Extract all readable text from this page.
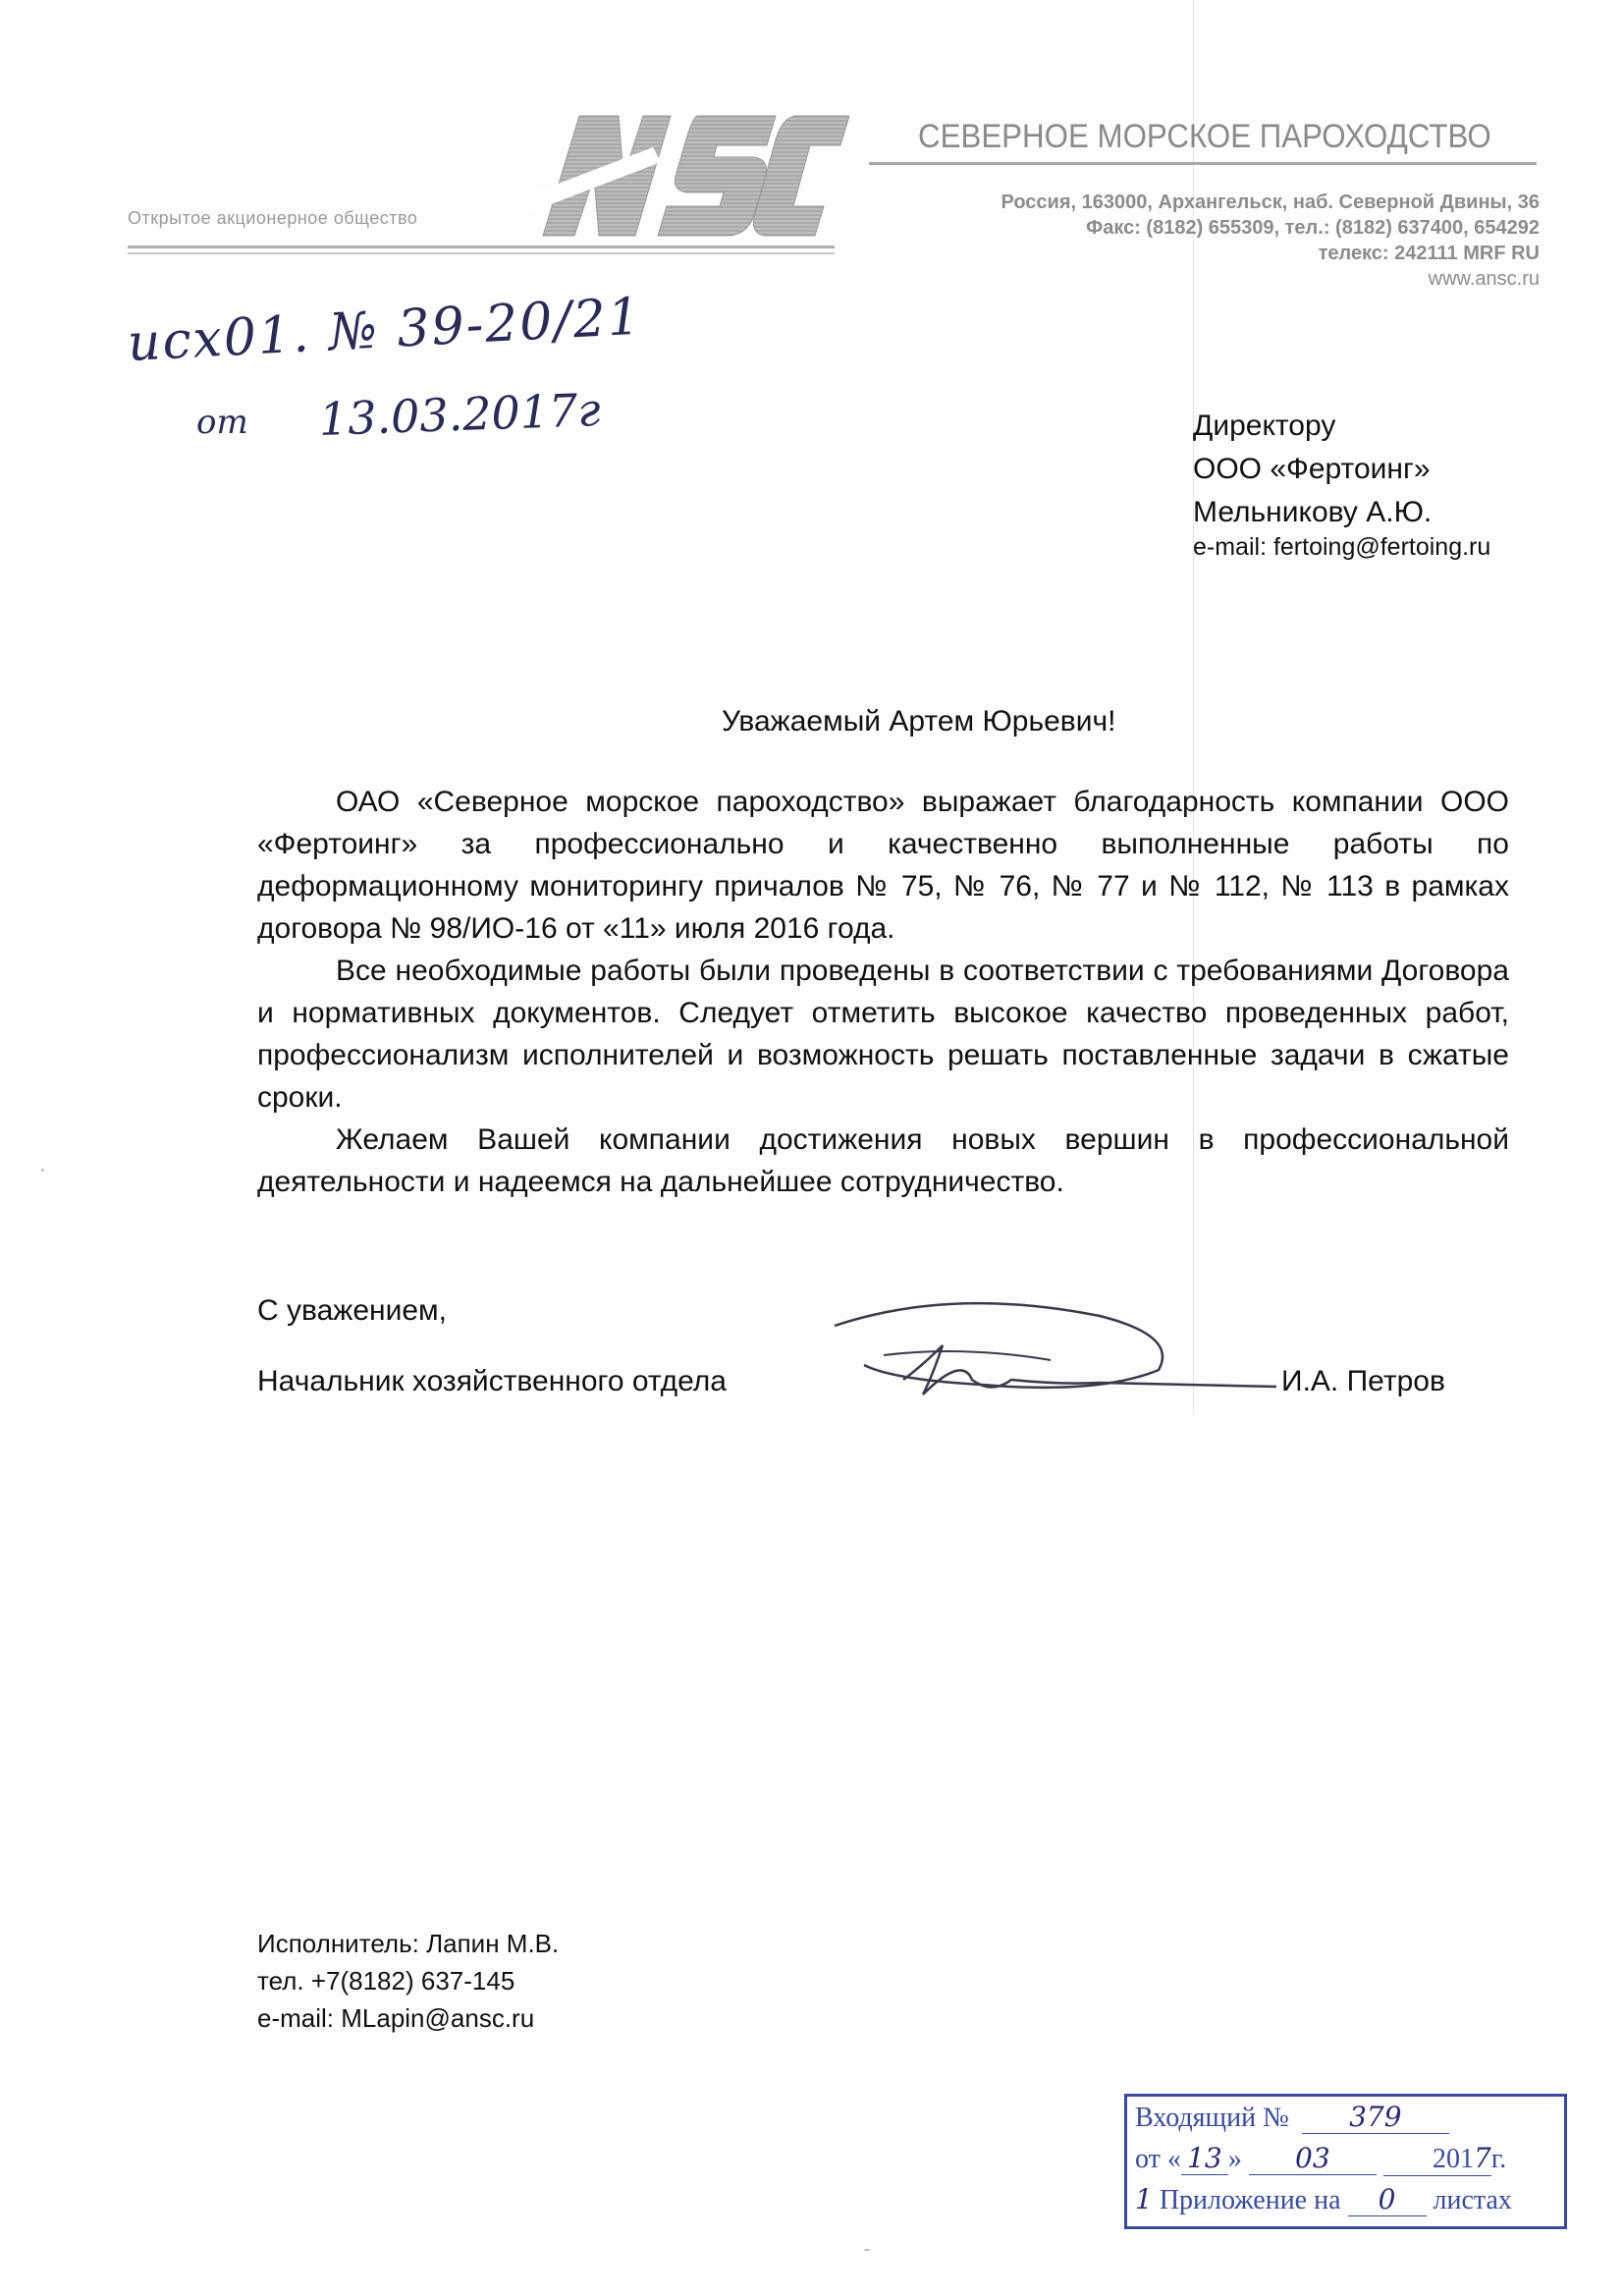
Открытое акционерное общество
СЕВЕРНОЕ МОРСКОЕ ПАРОХОДСТВО
Россия, 163000, Архангельск, наб. Северной Двины, 36
Факс: (8182) 655309, тел.: (8182) 637400, 654292
телекс: 242111 MRF RU
www.ansc.ru
исх01. № 39-20/21
от 13.03.2017г	Директору
ООО «Фертоинг»
Мельникову А.Ю.
e-mail: fertoing@fertoing.ru
Уважаемый Артем Юрьевич!

ОАО «Северное морское пароходство» выражает благодарность компании ООО «Фертоинг» за профессионально и качественно выполненные работы по деформационному мониторингу причалов № 75, № 76, № 77 и № 112, № 113 в рамках договора № 98/ИО-16 от «11» июля 2016 года.

Все необходимые работы были проведены в соответствии с требованиями Договора и нормативных документов. Следует отметить высокое качество проведенных работ, профессионализм исполнителей и возможность решать поставленные задачи в сжатые сроки.

Желаем Вашей компании достижения новых вершин в профессиональной деятельности и надеемся на дальнейшее сотрудничество.

С уважением,
Начальник хозяйственного отдела	И.А. Петров
Исполнитель: Лапин М.В.
тел. +7(8182) 637-145
e-mail: MLapin@ansc.ru
Входящий № 379
от « 13 » 03	2017г.
1 Приложение на 0 листах
